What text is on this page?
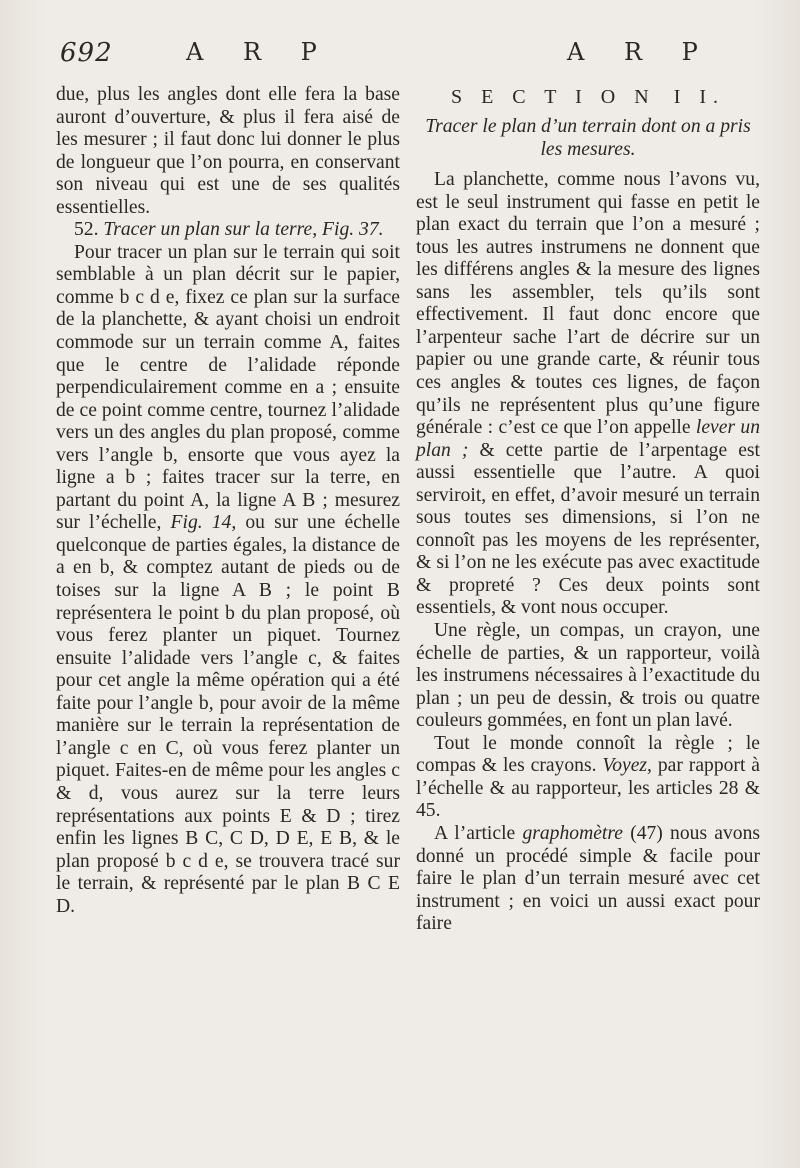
692	A R P	A R P

due, plus les angles dont elle fera la base auront d’ouverture, & plus il fera aisé de les mesurer ; il faut donc lui donner le plus de longueur que l’on pourra, en conservant son niveau qui est une de ses qualités essentielles.

52. Tracer un plan sur la terre, Fig. 37.

Pour tracer un plan sur le terrain qui soit semblable à un plan décrit sur le papier, comme b c d e, fixez ce plan sur la surface de la planchette, & ayant choisi un endroit commode sur un terrain comme A, faites que le centre de l’alidade réponde perpendiculairement comme en a ; ensuite de ce point comme centre, tournez l’alidade vers un des angles du plan proposé, comme vers l’angle b, ensorte que vous ayez la ligne a b ; faites tracer sur la terre, en partant du point A, la ligne A B ; mesurez sur l’échelle, Fig. 14, ou sur une échelle quelconque de parties égales, la distance de a en b, & comptez autant de pieds ou de toises sur la ligne A B ; le point B représentera le point b du plan proposé, où vous ferez planter un piquet. Tournez ensuite l’alidade vers l’angle c, & faites pour cet angle la même opération qui a été faite pour l’angle b, pour avoir de la même manière sur le terrain la représentation de l’angle c en C, où vous ferez planter un piquet. Faites-en de même pour les angles c & d, vous aurez sur la terre leurs représentations aux points E & D ; tirez enfin les lignes B C, C D, D E, E B, & le plan proposé b c d e, se trouvera tracé sur le terrain, & représenté par le plan B C E D.

S E C T I O N I I.

Tracer le plan d’un terrain dont on a pris les mesures.

La planchette, comme nous l’avons vu, est le seul instrument qui fasse en petit le plan exact du terrain que l’on a mesuré ; tous les autres instrumens ne donnent que les différens angles & la mesure des lignes sans les assembler, tels qu’ils sont effectivement. Il faut donc encore que l’arpenteur sache l’art de décrire sur un papier ou une grande carte, & réunir tous ces angles & toutes ces lignes, de façon qu’ils ne représentent plus qu’une figure générale : c’est ce que l’on appelle lever un plan ; & cette partie de l’arpentage est aussi essentielle que l’autre. A quoi serviroit, en effet, d’avoir mesuré un terrain sous toutes ses dimensions, si l’on ne connoît pas les moyens de les représenter, & si l’on ne les exécute pas avec exactitude & propreté ? Ces deux points sont essentiels, & vont nous occuper.

Une règle, un compas, un crayon, une échelle de parties, & un rapporteur, voilà les instrumens nécessaires à l’exactitude du plan ; un peu de dessin, & trois ou quatre couleurs gommées, en font un plan lavé.

Tout le monde connoît la règle ; le compas & les crayons. Voyez, par rapport à l’échelle & au rapporteur, les articles 28 & 45.

A l’article graphomètre (47) nous avons donné un procédé simple & facile pour faire le plan d’un terrain mesuré avec cet instrument ; en voici un aussi exact pour faire
